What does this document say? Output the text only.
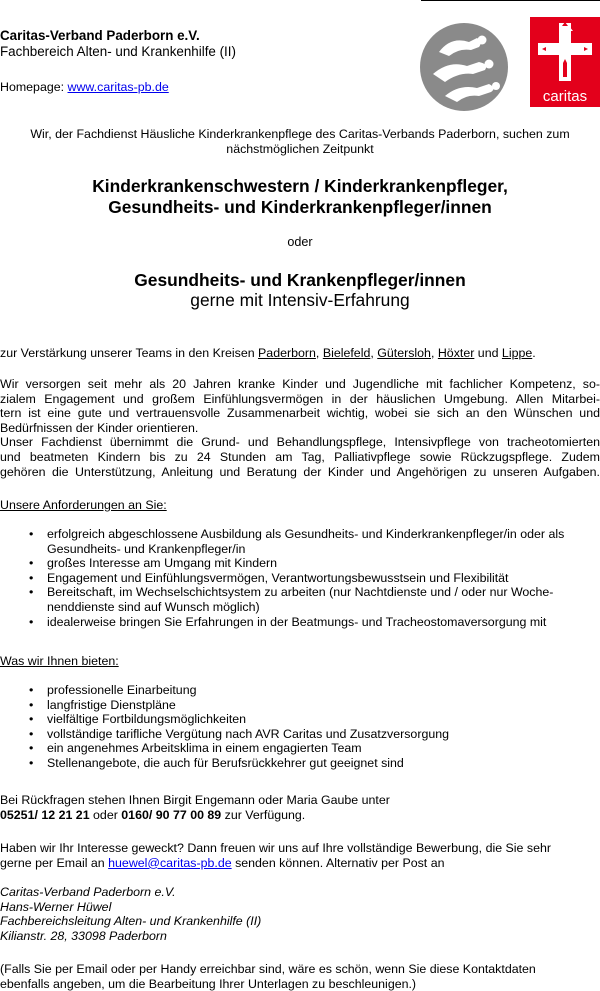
Caritas-Verband Paderborn e.V.
Fachbereich Alten- und Krankenhilfe (II)
Homepage: www.caritas-pb.de
caritas
Wir, der Fachdienst Häusliche Kinderkrankenpflege des Caritas-Verbands Paderborn, suchen zum
nächstmöglichen Zeitpunkt
Kinderkrankenschwestern / Kinderkrankenpfleger,
Gesundheits- und Kinderkrankenpfleger/innen
oder
Gesundheits- und Krankenpfleger/innen
gerne mit Intensiv-Erfahrung
zur Verstärkung unserer Teams in den Kreisen Paderborn, Bielefeld, Gütersloh, Höxter und Lippe.
Wir versorgen seit mehr als 20 Jahren kranke Kinder und Jugendliche mit fachlicher Kompetenz, so-
zialem Engagement und großem Einfühlungsvermögen in der häuslichen Umgebung. Allen Mitarbei-
tern ist eine gute und vertrauensvolle Zusammenarbeit wichtig, wobei sie sich an den Wünschen und
Bedürfnissen der Kinder orientieren.
Unser Fachdienst übernimmt die Grund- und Behandlungspflege, Intensivpflege von tracheotomierten
und beatmeten Kindern bis zu 24 Stunden am Tag, Palliativpflege sowie Rückzugspflege. Zudem
gehören die Unterstützung, Anleitung und Beratung der Kinder und Angehörigen zu unseren Aufgaben.
Unsere Anforderungen an Sie:
• erfolgreich abgeschlossene Ausbildung als Gesundheits- und Kinderkrankenpfleger/in oder als
Gesundheits- und Krankenpfleger/in
• großes Interesse am Umgang mit Kindern
• Engagement und Einfühlungsvermögen, Verantwortungsbewusstsein und Flexibilität
• Bereitschaft, im Wechselschichtsystem zu arbeiten (nur Nachtdienste und / oder nur Woche-
nenddienste sind auf Wunsch möglich)
• idealerweise bringen Sie Erfahrungen in der Beatmungs- und Tracheostomaversorgung mit
Was wir Ihnen bieten:
• professionelle Einarbeitung
• langfristige Dienstpläne
• vielfältige Fortbildungsmöglichkeiten
• vollständige tarifliche Vergütung nach AVR Caritas und Zusatzversorgung
• ein angenehmes Arbeitsklima in einem engagierten Team
• Stellenangebote, die auch für Berufsrückkehrer gut geeignet sind
Bei Rückfragen stehen Ihnen Birgit Engemann oder Maria Gaube unter
05251/ 12 21 21 oder 0160/ 90 77 00 89 zur Verfügung.
Haben wir Ihr Interesse geweckt? Dann freuen wir uns auf Ihre vollständige Bewerbung, die Sie sehr
gerne per Email an huewel@caritas-pb.de senden können. Alternativ per Post an
Caritas-Verband Paderborn e.V.
Hans-Werner Hüwel
Fachbereichsleitung Alten- und Krankenhilfe (II)
Kilianstr. 28, 33098 Paderborn
(Falls Sie per Email oder per Handy erreichbar sind, wäre es schön, wenn Sie diese Kontaktdaten
ebenfalls angeben, um die Bearbeitung Ihrer Unterlagen zu beschleunigen.)
